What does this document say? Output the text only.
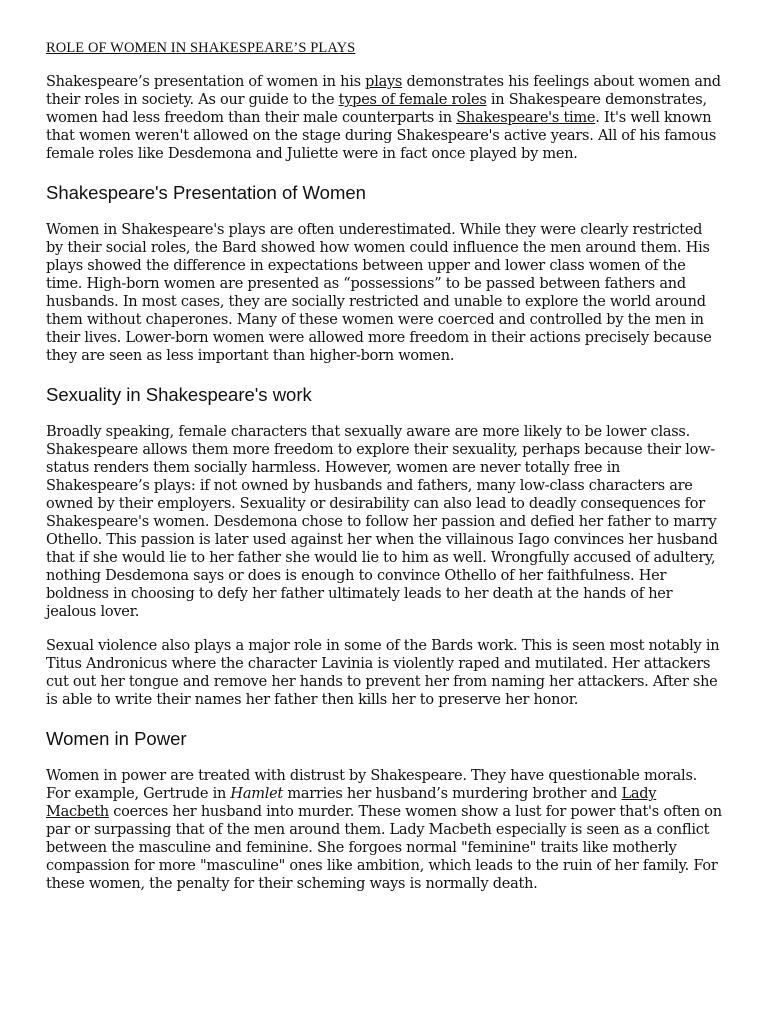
ROLE OF WOMEN IN SHAKESPEARE’S PLAYS

Shakespeare’s presentation of women in his plays demonstrates his feelings about women and their roles in society. As our guide to the types of female roles in Shakespeare demonstrates, women had less freedom than their male counterparts in Shakespeare's time. It's well known that women weren't allowed on the stage during Shakespeare's active years. All of his famous female roles like Desdemona and Juliette were in fact once played by men.

Shakespeare's Presentation of Women

Women in Shakespeare's plays are often underestimated. While they were clearly restricted by their social roles, the Bard showed how women could influence the men around them. His plays showed the difference in expectations between upper and lower class women of the time. High-born women are presented as “possessions” to be passed between fathers and husbands. In most cases, they are socially restricted and unable to explore the world around them without chaperones. Many of these women were coerced and controlled by the men in their lives. Lower-born women were allowed more freedom in their actions precisely because they are seen as less important than higher-born women.

Sexuality in Shakespeare's work

Broadly speaking, female characters that sexually aware are more likely to be lower class. Shakespeare allows them more freedom to explore their sexuality, perhaps because their low-status renders them socially harmless. However, women are never totally free in Shakespeare’s plays: if not owned by husbands and fathers, many low-class characters are owned by their employers. Sexuality or desirability can also lead to deadly consequences for Shakespeare's women. Desdemona chose to follow her passion and defied her father to marry Othello. This passion is later used against her when the villainous Iago convinces her husband that if she would lie to her father she would lie to him as well. Wrongfully accused of adultery, nothing Desdemona says or does is enough to convince Othello of her faithfulness. Her boldness in choosing to defy her father ultimately leads to her death at the hands of her jealous lover.

Sexual violence also plays a major role in some of the Bards work. This is seen most notably in Titus Andronicus where the character Lavinia is violently raped and mutilated. Her attackers cut out her tongue and remove her hands to prevent her from naming her attackers. After she is able to write their names her father then kills her to preserve her honor.

Women in Power

Women in power are treated with distrust by Shakespeare. They have questionable morals. For example, Gertrude in Hamlet marries her husband’s murdering brother and Lady Macbeth coerces her husband into murder. These women show a lust for power that's often on par or surpassing that of the men around them. Lady Macbeth especially is seen as a conflict between the masculine and feminine. She forgoes normal "feminine" traits like motherly compassion for more "masculine" ones like ambition, which leads to the ruin of her family. For these women, the penalty for their scheming ways is normally death.
